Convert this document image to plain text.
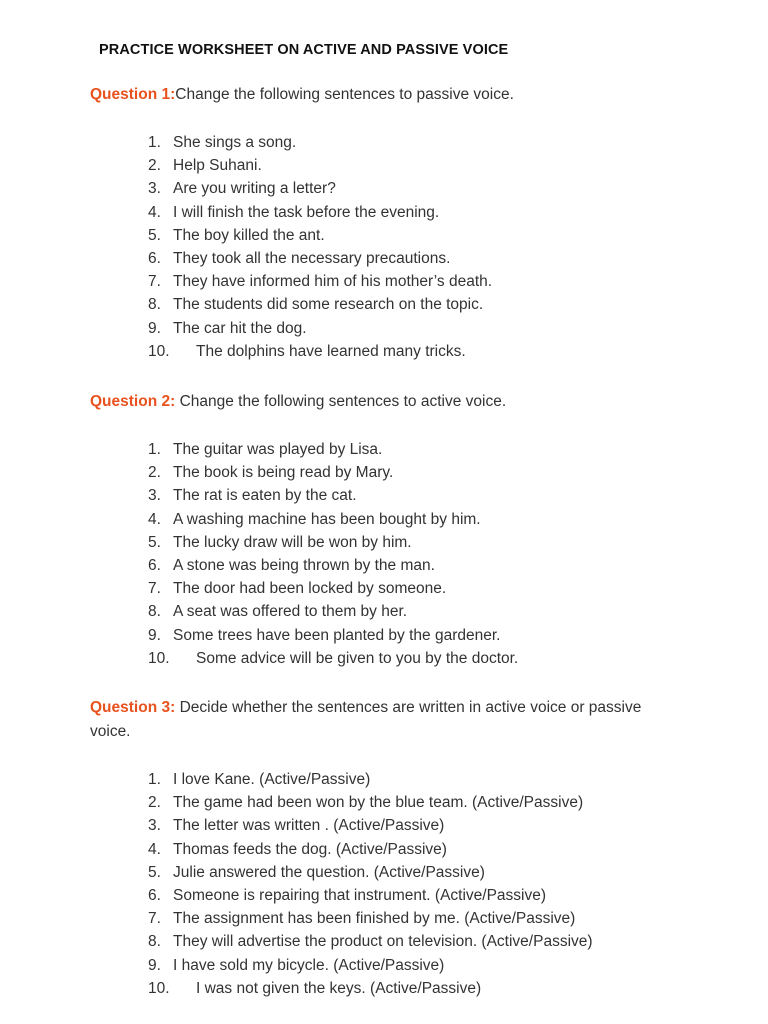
PRACTICE WORKSHEET ON ACTIVE AND PASSIVE VOICE
Question 1:Change the following sentences to passive voice.
1. She sings a song.
2. Help Suhani.
3. Are you writing a letter?
4. I will finish the task before the evening.
5. The boy killed the ant.
6. They took all the necessary precautions.
7. They have informed him of his mother’s death.
8. The students did some research on the topic.
9. The car hit the dog.
10. The dolphins have learned many tricks.
Question 2: Change the following sentences to active voice.
1. The guitar was played by Lisa.
2. The book is being read by Mary.
3. The rat is eaten by the cat.
4. A washing machine has been bought by him.
5. The lucky draw will be won by him.
6. A stone was being thrown by the man.
7. The door had been locked by someone.
8. A seat was offered to them by her.
9. Some trees have been planted by the gardener.
10. Some advice will be given to you by the doctor.
Question 3: Decide whether the sentences are written in active voice or passive voice.
1. I love Kane. (Active/Passive)
2. The game had been won by the blue team. (Active/Passive)
3. The letter was written . (Active/Passive)
4. Thomas feeds the dog. (Active/Passive)
5. Julie answered the question. (Active/Passive)
6. Someone is repairing that instrument. (Active/Passive)
7. The assignment has been finished by me. (Active/Passive)
8. They will advertise the product on television. (Active/Passive)
9. I have sold my bicycle. (Active/Passive)
10. I was not given the keys. (Active/Passive)
